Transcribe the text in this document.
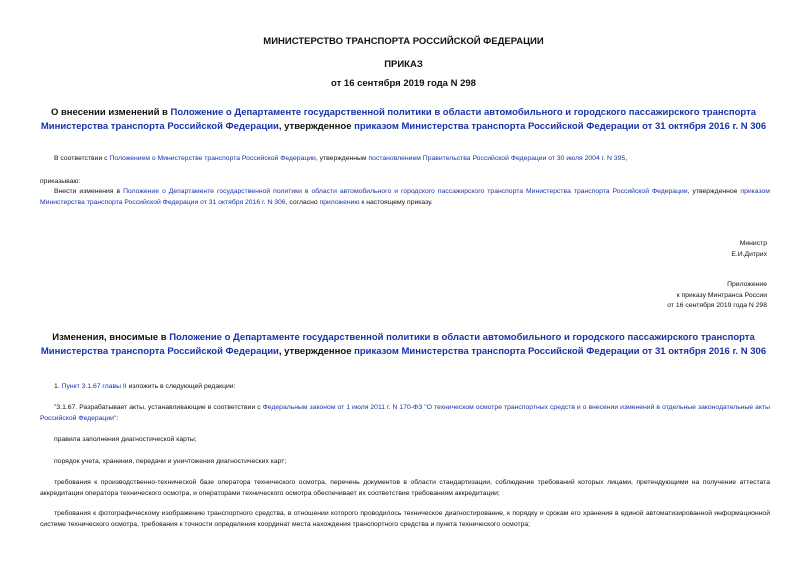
МИНИСТЕРСТВО ТРАНСПОРТА РОССИЙСКОЙ ФЕДЕРАЦИИ
ПРИКАЗ
от 16 сентября 2019 года N 298
О внесении изменений в Положение о Департаменте государственной политики в области автомобильного и городского пассажирского транспорта Министерства транспорта Российской Федерации, утвержденное приказом Министерства транспорта Российской Федерации от 31 октября 2016 г. N 306
В соответствии с Положением о Министерстве транспорта Российской Федерации, утвержденным постановлением Правительства Российской Федерации от 30 июля 2004 г. N 395,
приказываю:
Внести изменения в Положение о Департаменте государственной политики в области автомобильного и городского пассажирского транспорта Министерства транспорта Российской Федерации, утвержденное приказом Министерства транспорта Российской Федерации от 31 октября 2016 г. N 306, согласно приложению к настоящему приказу.
Министр
Е.И.Дитрих
Приложение
к приказу Минтранса России
от 16 сентября 2019 года N 298
Изменения, вносимые в Положение о Департаменте государственной политики в области автомобильного и городского пассажирского транспорта Министерства транспорта Российской Федерации, утвержденное приказом Министерства транспорта Российской Федерации от 31 октября 2016 г. N 306
1. Пункт 3.1.67 главы II изложить в следующей редакции:
"3.1.67. Разрабатывает акты, устанавливающие в соответствии с Федеральным законом от 1 июля 2011 г. N 170-ФЗ "О техническом осмотре транспортных средств и о внесении изменений в отдельные законодательные акты Российской Федерации":
правила заполнения диагностической карты;
порядок учета, хранения, передачи и уничтожения диагностических карт;
требования к производственно-технической базе оператора технического осмотра, перечень документов в области стандартизации, соблюдение требований которых лицами, претендующими на получение аттестата аккредитации оператора технического осмотра, и операторами технического осмотра обеспечивает их соответствие требованиям аккредитации;
требования к фотографическому изображению транспортного средства, в отношении которого проводилось техническое диагностирование, к порядку и срокам его хранения в единой автоматизированной информационной системе технического осмотра, требования к точности определения координат места нахождения транспортного средства и пункта технического осмотра;
